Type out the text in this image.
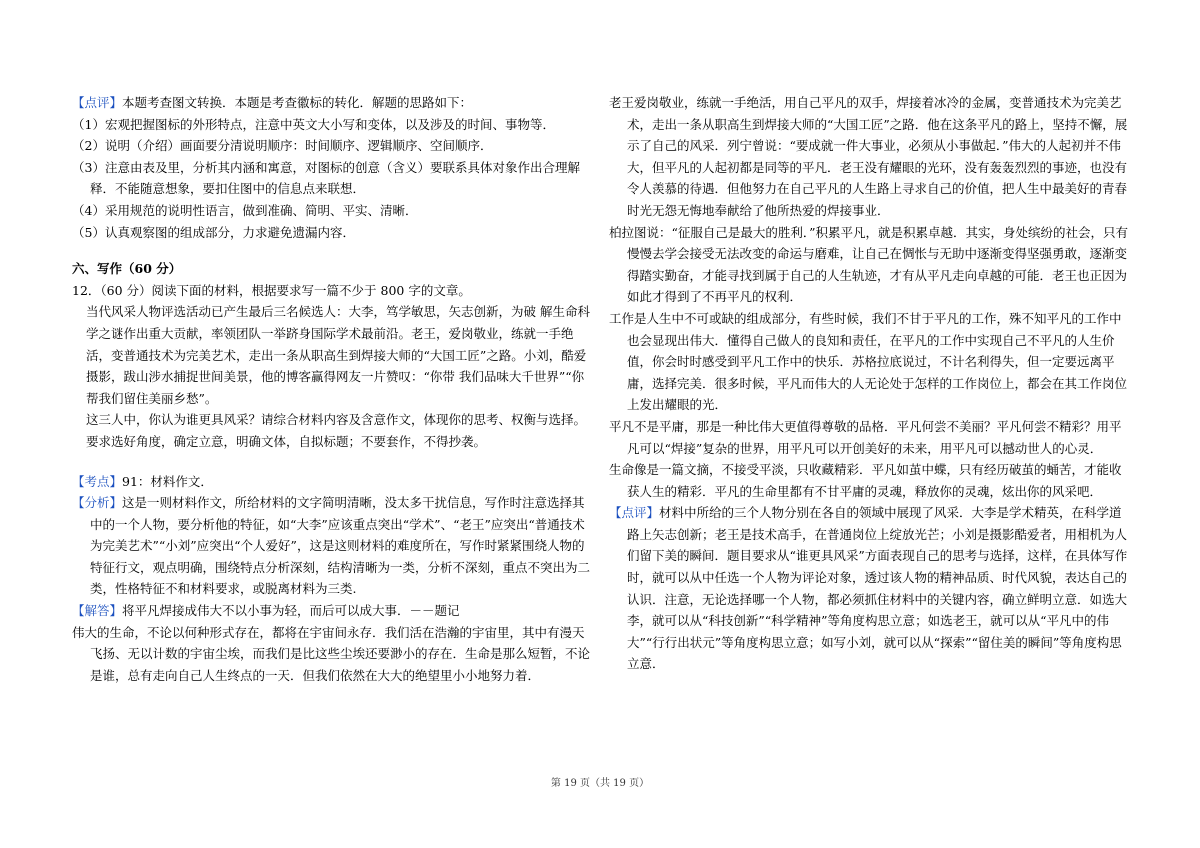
【点评】本题考查图文转换．本题是考查徽标的转化．解题的思路如下：

（1）宏观把握图标的外形特点，注意中英文大小写和变体，以及涉及的时间、事物等．

（2）说明（介绍）画面要分清说明顺序：时间顺序、逻辑顺序、空间顺序．

（3）注意由表及里，分析其内涵和寓意，对图标的创意（含义）要联系具体对象作出合理解释．不能随意想象，要扣住图中的信息点来联想．

（4）采用规范的说明性语言，做到准确、简明、平实、清晰．

（5）认真观察图的组成部分，力求避免遗漏内容．

六、写作（60 分）

12．（60 分）阅读下面的材料，根据要求写一篇不少于 800 字的文章。

当代风采人物评选活动已产生最后三名候选人：大李，笃学敏思，矢志创新，为破 解生命科学之谜作出重大贡献，率领团队一举跻身国际学术最前沿。老王，爱岗敬业，练就一手绝活，变普通技术为完美艺术，走出一条从职高生到焊接大师的“大国工匠”之路。小刘，酷爱摄影，跋山涉水捕捉世间美景，他的博客赢得网友一片赞叹：“你带 我们品味大千世界”“你帮我们留住美丽乡愁”。

这三人中，你认为谁更具风采？请综合材料内容及含意作文，体现你的思考、权衡与选择。

要求选好角度，确定立意，明确文体，自拟标题；不要套作，不得抄袭。

【考点】91：材料作文．

【分析】这是一则材料作文，所给材料的文字简明清晰，没太多干扰信息，写作时注意选择其中的一个人物，要分析他的特征，如“大李”应该重点突出“学术”、“老王”应突出“普通技术为完美艺术”“小刘”应突出“个人爱好”，这是这则材料的难度所在，写作时紧紧围绕人物的特征行文，观点明确，围绕特点分析深刻，结构清晰为一类，分析不深刻，重点不突出为二类，性格特征不和材料要求，或脱离材料为三类.

【解答】将平凡焊接成伟大不以小事为轻，而后可以成大事．－－题记

伟大的生命，不论以何种形式存在，都将在宇宙间永存．我们活在浩瀚的宇宙里，其中有漫天飞扬、无以计数的宇宙尘埃，而我们是比这些尘埃还要渺小的存在．生命是那么短暂，不论是谁，总有走向自己人生终点的一天．但我们依然在大大的绝望里小小地努力着．

老王爱岗敬业，练就一手绝活，用自己平凡的双手，焊接着冰冷的金属，变普通技术为完美艺术，走出一条从职高生到焊接大师的“大国工匠”之路．他在这条平凡的路上，坚持不懈，展示了自己的风采．列宁曾说：“要成就一件大事业，必须从小事做起．”伟大的人起初并不伟大，但平凡的人起初都是同等的平凡．老王没有耀眼的光环，没有轰轰烈烈的事迹，也没有令人羡慕的待遇．但他努力在自己平凡的人生路上寻求自己的价值，把人生中最美好的青春时光无怨无悔地奉献给了他所热爱的焊接事业．

柏拉图说：“征服自己是最大的胜利．”积累平凡，就是积累卓越．其实，身处缤纷的社会，只有慢慢去学会接受无法改变的命运与磨难，让自己在惆怅与无助中逐渐变得坚强勇敢，逐渐变得踏实勤奋，才能寻找到属于自己的人生轨迹，才有从平凡走向卓越的可能．老王也正因为如此才得到了不再平凡的权利．

工作是人生中不可或缺的组成部分，有些时候，我们不甘于平凡的工作，殊不知平凡的工作中也会显现出伟大．懂得自己做人的良知和责任，在平凡的工作中实现自己不平凡的人生价值，你会时时感受到平凡工作中的快乐．苏格拉底说过，不计名利得失，但一定要远离平庸，选择完美．很多时候，平凡而伟大的人无论处于怎样的工作岗位上，都会在其工作岗位上发出耀眼的光．

平凡不是平庸，那是一种比伟大更值得尊敬的品格．平凡何尝不美丽？平凡何尝不精彩？用平凡可以“焊接”复杂的世界，用平凡可以开创美好的未来，用平凡可以撼动世人的心灵．

生命像是一篇文摘，不接受平淡，只收藏精彩．平凡如茧中蝶，只有经历破茧的蛹苦，才能收获人生的精彩．平凡的生命里都有不甘平庸的灵魂，释放你的灵魂，炫出你的风采吧．

【点评】材料中所给的三个人物分别在各自的领域中展现了风采．大李是学术精英，在科学道路上矢志创新；老王是技术高手，在普通岗位上绽放光芒；小刘是摄影酷爱者，用相机为人们留下美的瞬间．题目要求从“谁更具风采”方面表现自己的思考与选择，这样，在具体写作时，就可以从中任选一个人物为评论对象，透过该人物的精神品质、时代风貌，表达自己的认识．注意，无论选择哪一个人物，都必须抓住材料中的关键内容，确立鲜明立意．如选大李，就可以从“科技创新”“科学精神”等角度构思立意；如选老王，就可以从“平凡中的伟大”“行行出状元”等角度构思立意；如写小刘，就可以从“探索”“留住美的瞬间”等角度构思立意．

第 19 页（共 19 页）
